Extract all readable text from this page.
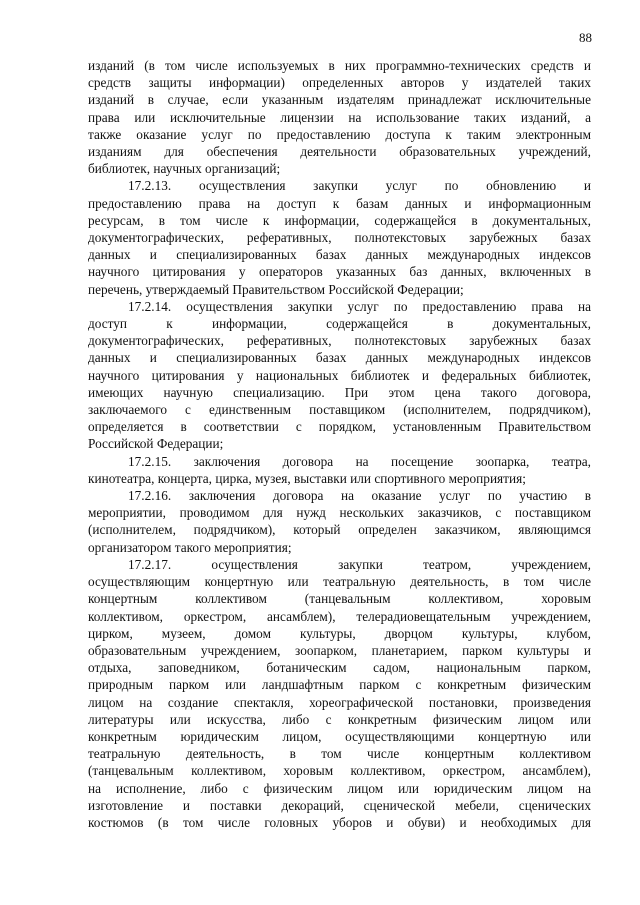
88
изданий (в том числе используемых в них программно-технических средств и
средств защиты информации) определенных авторов у издателей таких
изданий в случае, если указанным издателям принадлежат исключительные
права или исключительные лицензии на использование таких изданий, а
также оказание услуг по предоставлению доступа к таким электронным
изданиям для обеспечения деятельности образовательных учреждений,
библиотек, научных организаций;
17.2.13. осуществления закупки услуг по обновлению и
предоставлению права на доступ к базам данных и информационным
ресурсам, в том числе к информации, содержащейся в документальных,
документографических, реферативных, полнотекстовых зарубежных базах
данных и специализированных базах данных международных индексов
научного цитирования у операторов указанных баз данных, включенных в
перечень, утверждаемый Правительством Российской Федерации;
17.2.14. осуществления закупки услуг по предоставлению права на
доступ к информации, содержащейся в документальных,
документографических, реферативных, полнотекстовых зарубежных базах
данных и специализированных базах данных международных индексов
научного цитирования у национальных библиотек и федеральных библиотек,
имеющих научную специализацию. При этом цена такого договора,
заключаемого с единственным поставщиком (исполнителем, подрядчиком),
определяется в соответствии с порядком, установленным Правительством
Российской Федерации;
17.2.15. заключения договора на посещение зоопарка, театра,
кинотеатра, концерта, цирка, музея, выставки или спортивного мероприятия;
17.2.16. заключения договора на оказание услуг по участию в
мероприятии, проводимом для нужд нескольких заказчиков, с поставщиком
(исполнителем, подрядчиком), который определен заказчиком, являющимся
организатором такого мероприятия;
17.2.17. осуществления закупки театром, учреждением,
осуществляющим концертную или театральную деятельность, в том числе
концертным коллективом (танцевальным коллективом, хоровым
коллективом, оркестром, ансамблем), телерадиовещательным учреждением,
цирком, музеем, домом культуры, дворцом культуры, клубом,
образовательным учреждением, зоопарком, планетарием, парком культуры и
отдыха, заповедником, ботаническим садом, национальным парком,
природным парком или ландшафтным парком с конкретным физическим
лицом на создание спектакля, хореографической постановки, произведения
литературы или искусства, либо с конкретным физическим лицом или
конкретным юридическим лицом, осуществляющими концертную или
театральную деятельность, в том числе концертным коллективом
(танцевальным коллективом, хоровым коллективом, оркестром, ансамблем),
на исполнение, либо с физическим лицом или юридическим лицом на
изготовление и поставки декораций, сценической мебели, сценических
костюмов (в том числе головных уборов и обуви) и необходимых для
